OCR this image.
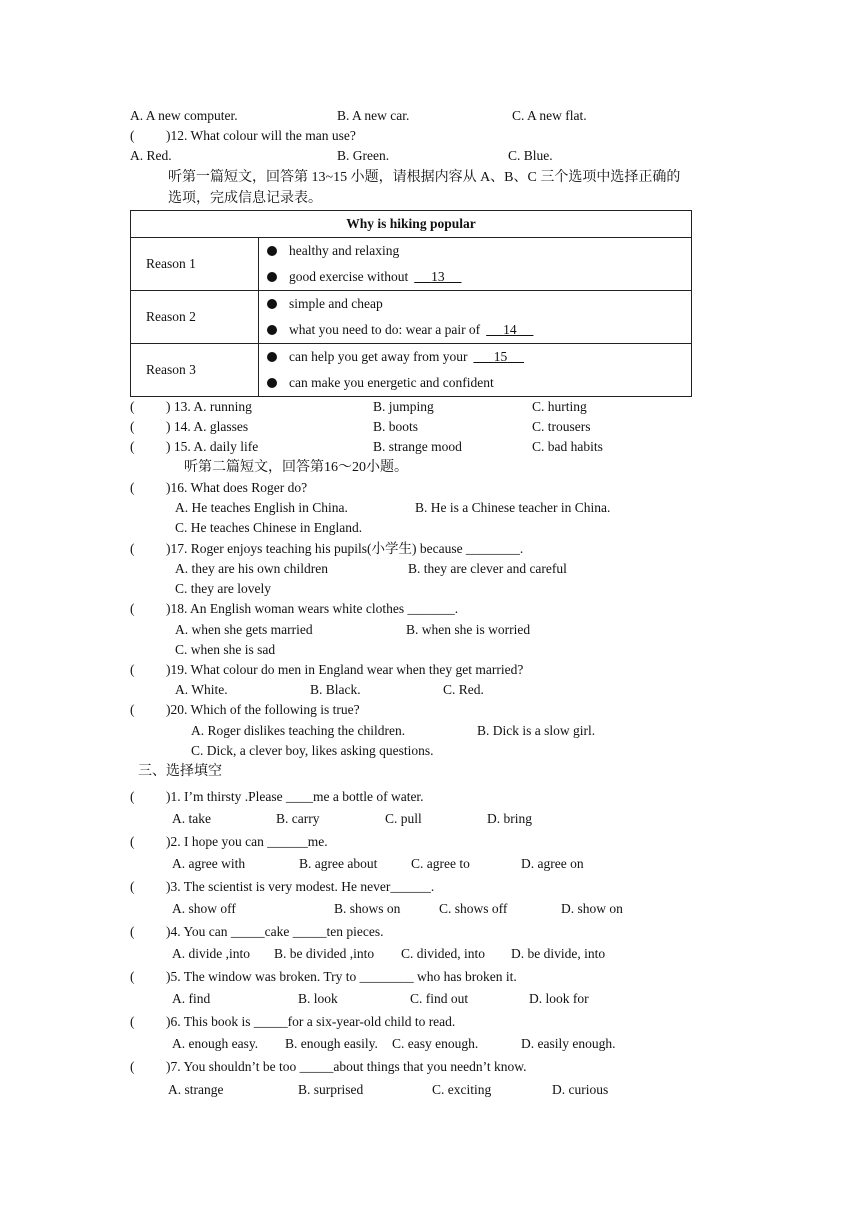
A. A new computer.	B. A new car.	C. A new flat.
( )12. What colour will the man use?
A. Red.	B. Green.	C. Blue.
听第一篇短文，回答第 13~15 小题，请根据内容从 A、B、C 三个选项中选择正确的
选项，完成信息记录表。
Why is hiking popular	
Reason 1	healthy and relaxing
good exercise without 13

Reason 2	simple and cheap
what you need to do: wear a pair of 14

Reason 3	can help you get away from your 15
can make you energetic and confident
( ) 13. A. running	B. jumping	C. hurting
( ) 14. A. glasses	B. boots	C. trousers
( ) 15. A. daily life	B. strange mood	C. bad habits
听第二篇短文，回答第16～20小题。
( )16. What does Roger do?
A. He teaches English in China.	B. He is a Chinese teacher in China.
C. He teaches Chinese in England.
( )17. Roger enjoys teaching his pupils(小学生) because ________.
A. they are his own children	B. they are clever and careful
C. they are lovely
( )18. An English woman wears white clothes _______.
A. when she gets married	B. when she is worried
C. when she is sad
( )19. What colour do men in England wear when they get married?
A. White.	B. Black.	C. Red.
( )20. Which of the following is true?
A. Roger dislikes teaching the children.	B. Dick is a slow girl.
C. Dick, a clever boy, likes asking questions.
三、选择填空
( )1. I’m thirsty .Please ____me a bottle of water.
A. take	B. carry	C. pull	D. bring
( )2. I hope you can ______me.
A. agree with	B. agree about C. agree to	D. agree on
( )3. The scientist is very modest. He never______.
A. show off	B. shows on	C. shows off	D. show on
( )4. You can _____cake _____ten pieces.
A. divide ,into B. be divided ,into C. divided, into D. be divide, into
( )5. The window was broken. Try to ________ who has broken it.
A. find	B. look	C. find out	D. look for
( )6. This book is _____for a six-year-old child to read.
A. enough easy. B. enough easily. C. easy enough.	D. easily enough.
( )7. You shouldn’t be too _____about things that you needn’t know.
A. strange	B. surprised	C. exciting	D. curious
